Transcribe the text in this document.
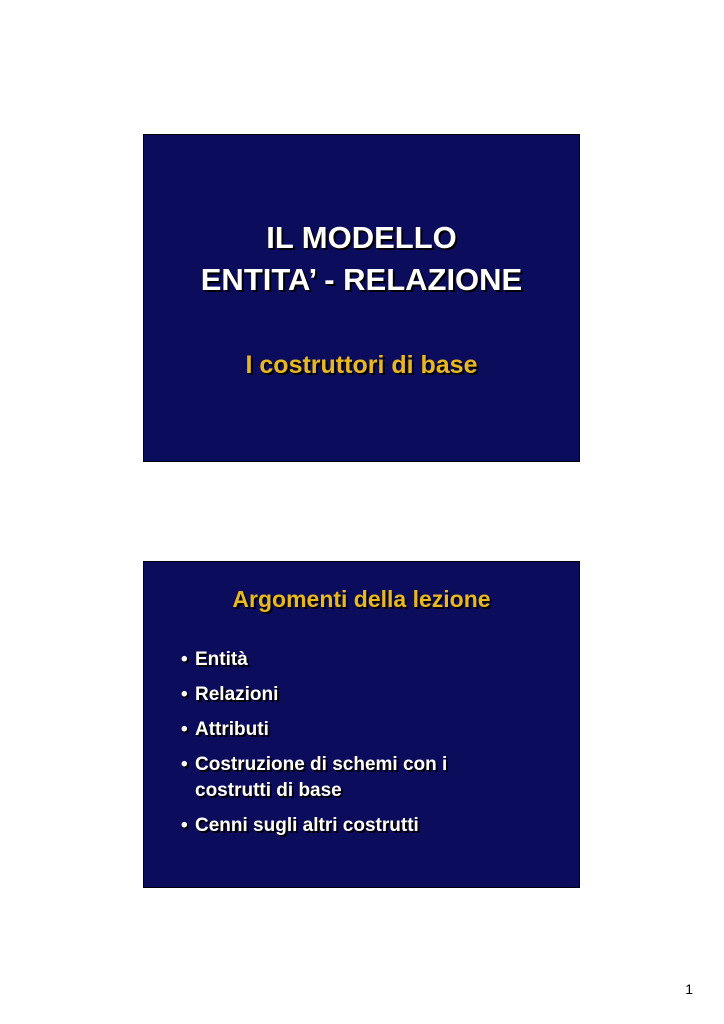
IL MODELLO
ENTITA’ - RELAZIONE
I costruttori di base
Argomenti della lezione
• Entità
• Relazioni
• Attributi
• Costruzione di schemi con i
costrutti di base
• Cenni sugli altri costrutti
1
